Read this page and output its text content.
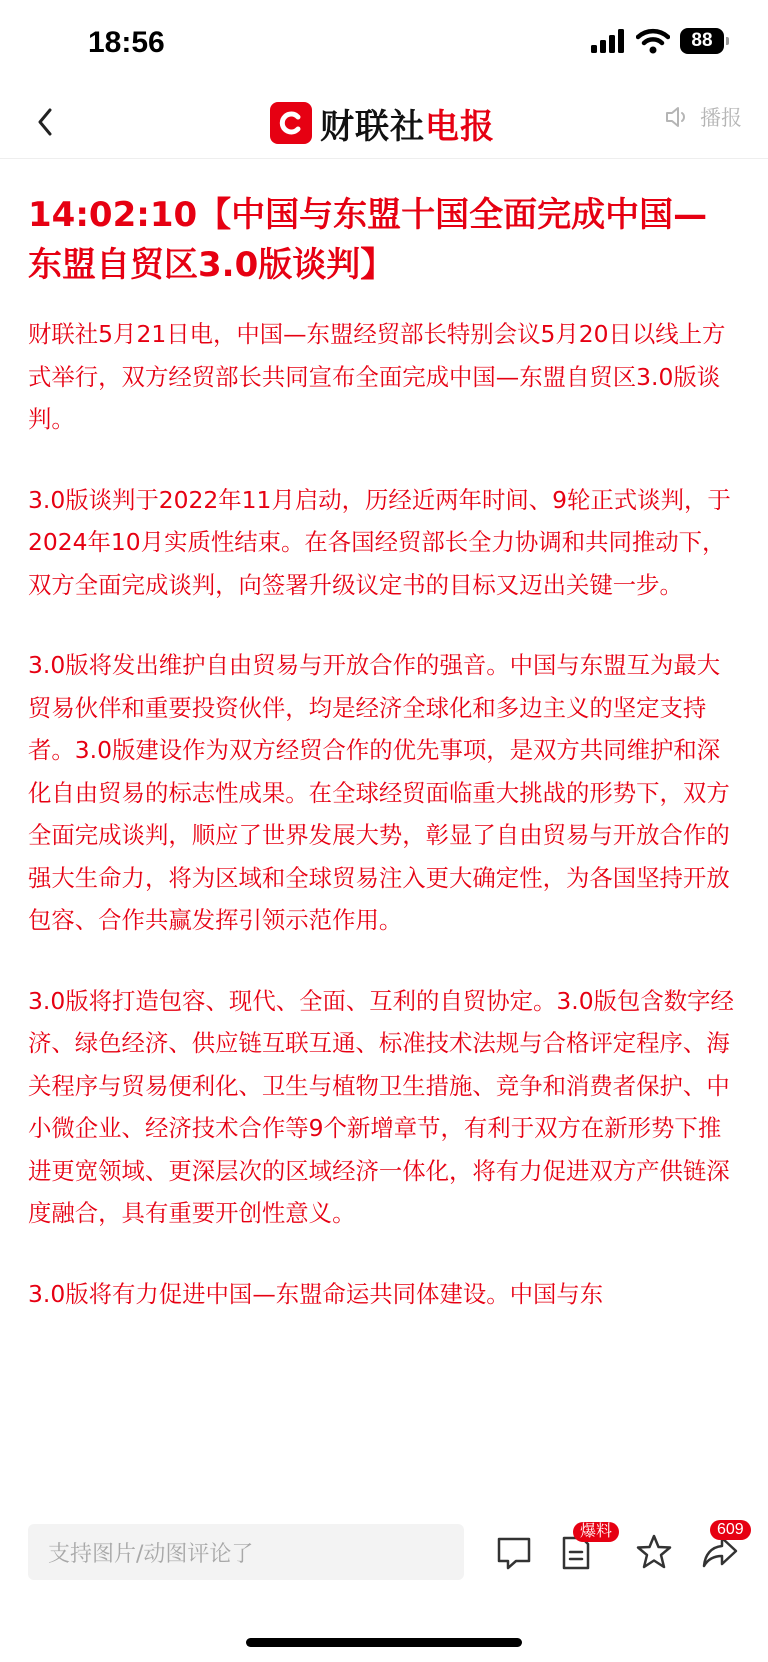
18:56	88
财联社电报	播报
14:02:10【中国与东盟十国全面完成中国—东盟自贸区3.0版谈判】

财联社5月21日电，中国—东盟经贸部长特别会议5月20日以线上方式举行，双方经贸部长共同宣布全面完成中国—东盟自贸区3.0版谈判。

3.0版谈判于2022年11月启动，历经近两年时间、9轮正式谈判，于2024年10月实质性结束。在各国经贸部长全力协调和共同推动下，双方全面完成谈判，向签署升级议定书的目标又迈出关键一步。

3.0版将发出维护自由贸易与开放合作的强音。中国与东盟互为最大贸易伙伴和重要投资伙伴，均是经济全球化和多边主义的坚定支持者。3.0版建设作为双方经贸合作的优先事项，是双方共同维护和深化自由贸易的标志性成果。在全球经贸面临重大挑战的形势下，双方全面完成谈判，顺应了世界发展大势，彰显了自由贸易与开放合作的强大生命力，将为区域和全球贸易注入更大确定性，为各国坚持开放包容、合作共赢发挥引领示范作用。

3.0版将打造包容、现代、全面、互利的自贸协定。3.0版包含数字经济、绿色经济、供应链互联互通、标准技术法规与合格评定程序、海关程序与贸易便利化、卫生与植物卫生措施、竞争和消费者保护、中小微企业、经济技术合作等9个新增章节，有利于双方在新形势下推进更宽领域、更深层次的区域经济一体化，将有力促进双方产供链深度融合，具有重要开创性意义。

3.0版将有力促进中国—东盟命运共同体建设。中国与东

支持图片/动图评论了
爆料	609
